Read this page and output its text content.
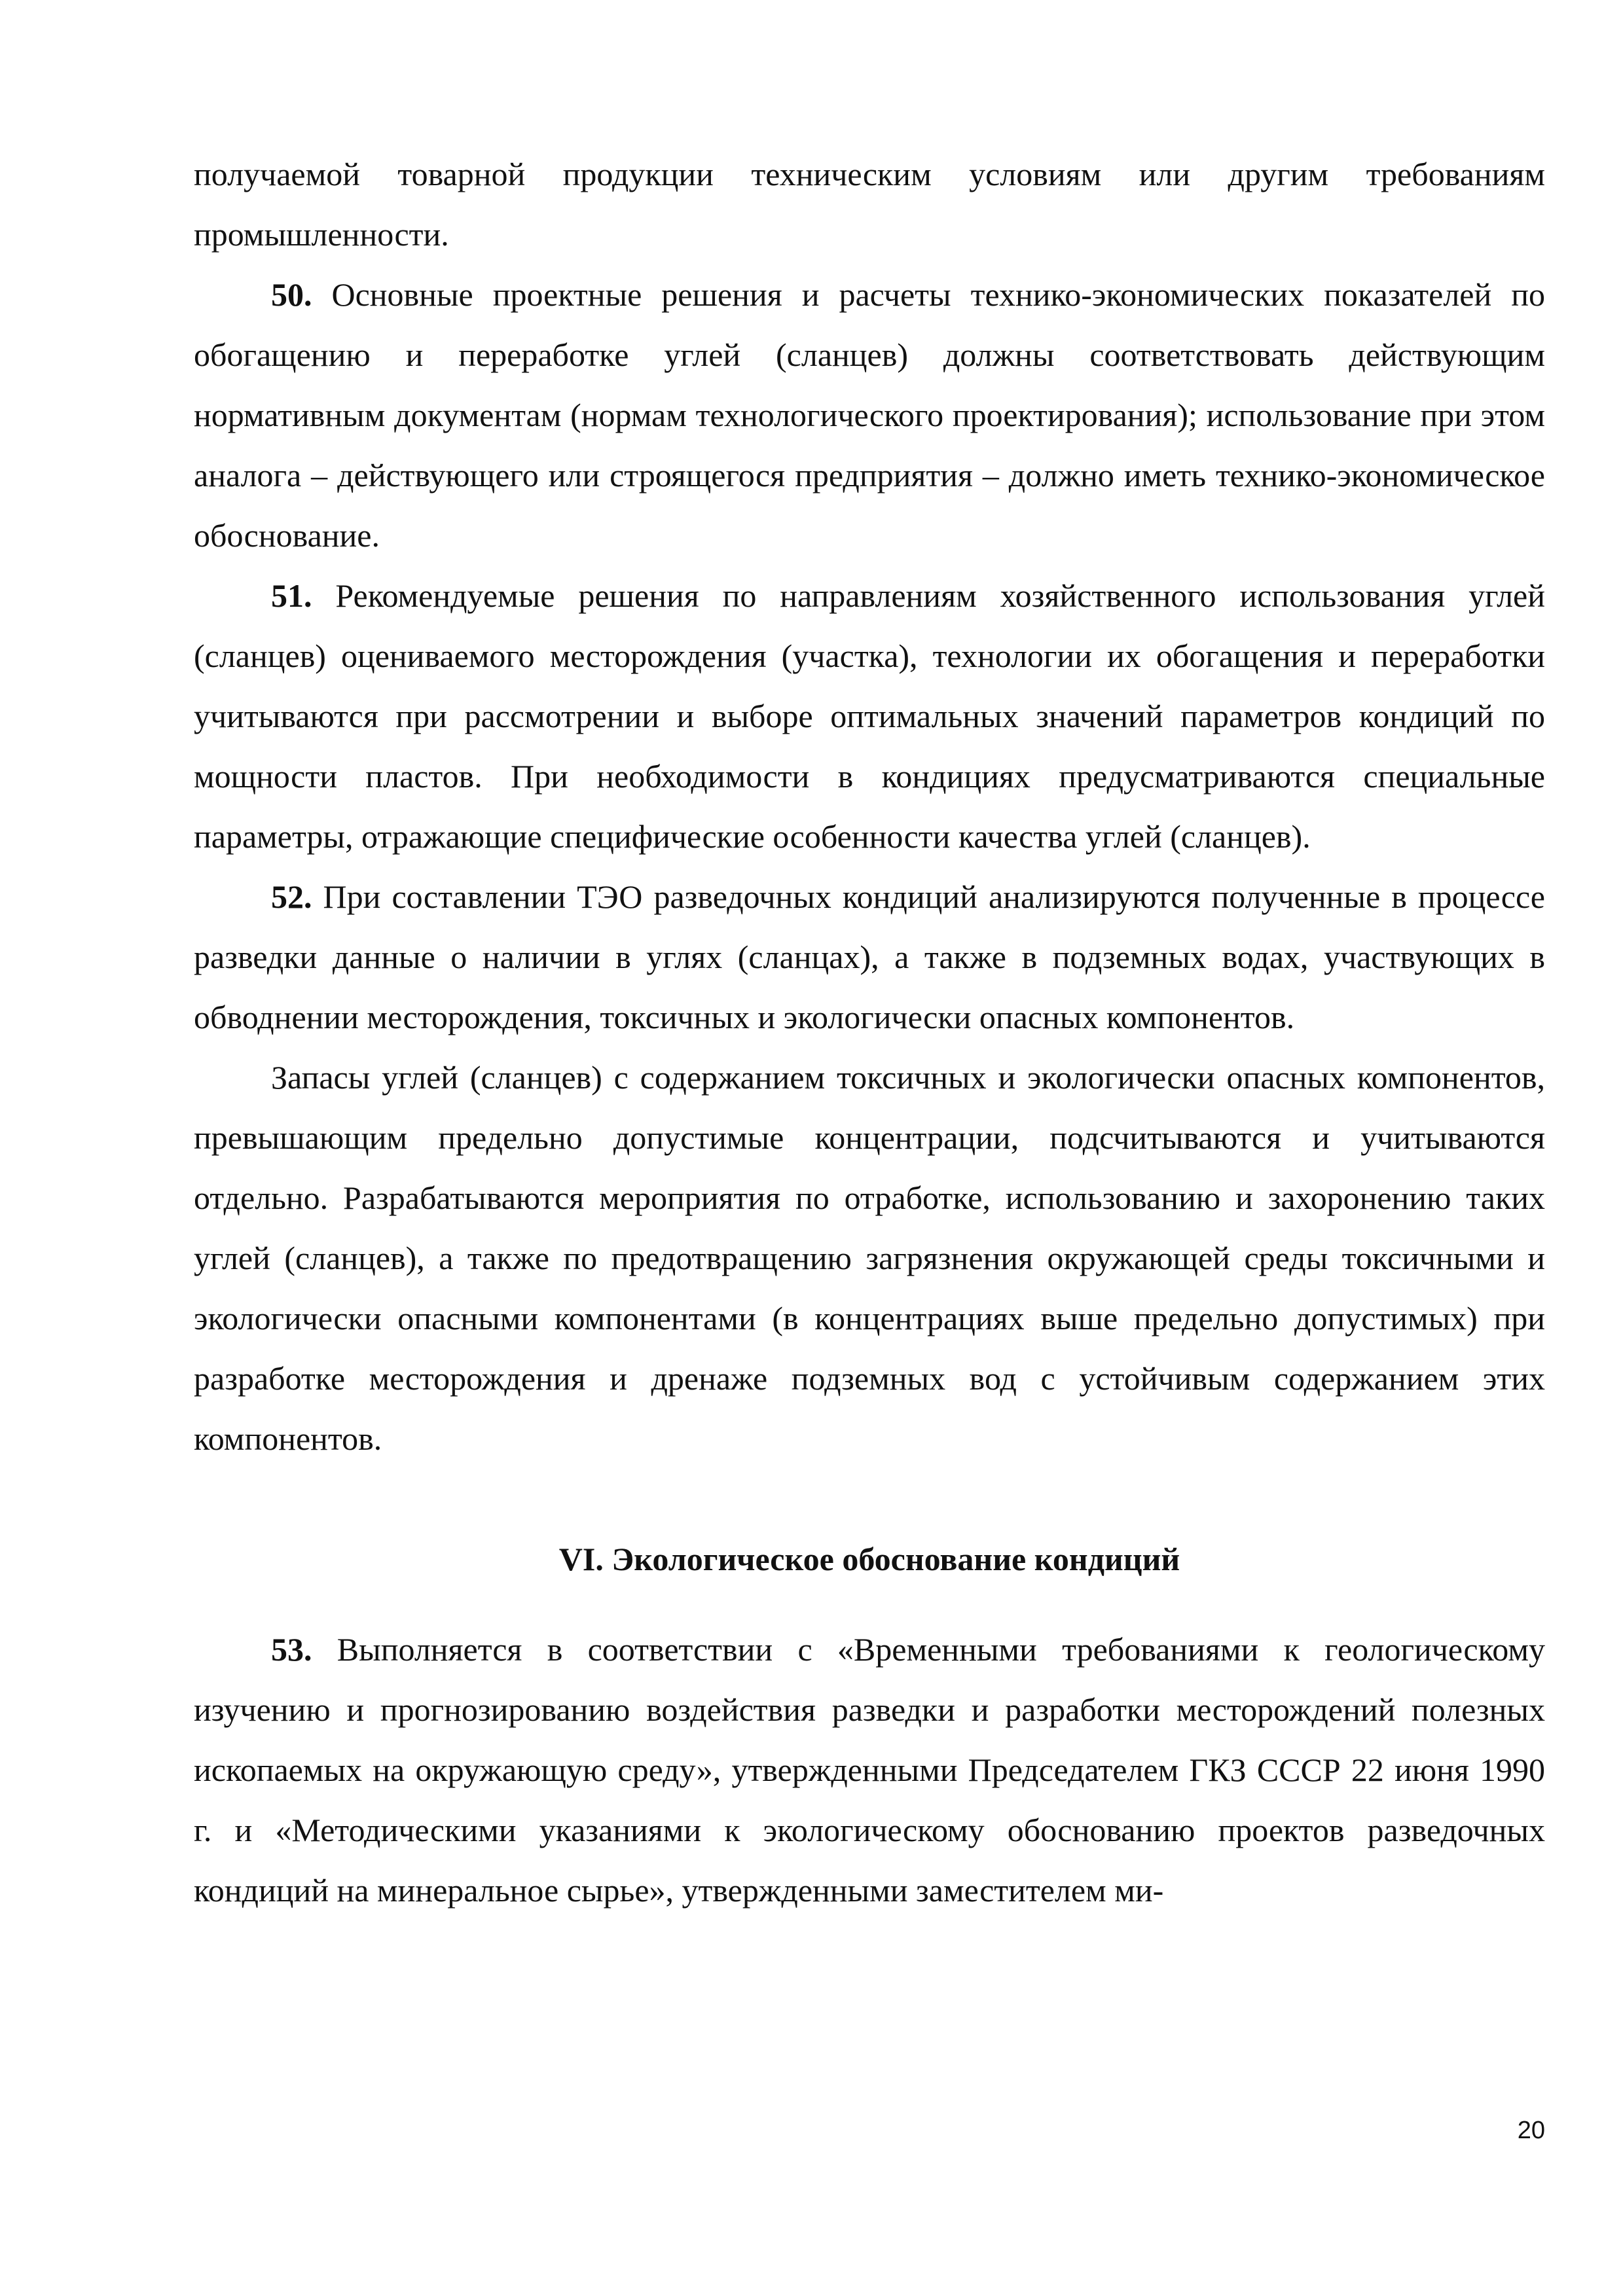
получаемой товарной продукции техническим условиям или другим требованиям промышленности.

50. Основные проектные решения и расчеты технико-экономических показателей по обогащению и переработке углей (сланцев) должны соответствовать действующим нормативным документам (нормам технологического проектирования); использование при этом аналога – действующего или строящегося предприятия – должно иметь технико-экономическое обоснование.

51. Рекомендуемые решения по направлениям хозяйственного использования углей (сланцев) оцениваемого месторождения (участка), технологии их обогащения и переработки учитываются при рассмотрении и выборе оптимальных значений параметров кондиций по мощности пластов. При необходимости в кондициях предусматриваются специальные параметры, отражающие специфические особенности качества углей (сланцев).

52. При составлении ТЭО разведочных кондиций анализируются полученные в процессе разведки данные о наличии в углях (сланцах), а также в подземных водах, участвующих в обводнении месторождения, токсичных и экологически опасных компонентов.

Запасы углей (сланцев) с содержанием токсичных и экологически опасных компонентов, превышающим предельно допустимые концентрации, подсчитываются и учитываются отдельно. Разрабатываются мероприятия по отработке, использованию и захоронению таких углей (сланцев), а также по предотвращению загрязнения окружающей среды токсичными и экологически опасными компонентами (в концентрациях выше предельно допустимых) при разработке месторождения и дренаже подземных вод с устойчивым содержанием этих компонентов.

VI. Экологическое обоснование кондиций

53. Выполняется в соответствии с «Временными требованиями к геологическому изучению и прогнозированию воздействия разведки и разработки месторождений полезных ископаемых на окружающую среду», утвержденными Председателем ГКЗ СССР 22 июня 1990 г. и «Методическими указаниями к экологическому обоснованию проектов разведочных кондиций на минеральное сырье», утвержденными заместителем ми-

20
